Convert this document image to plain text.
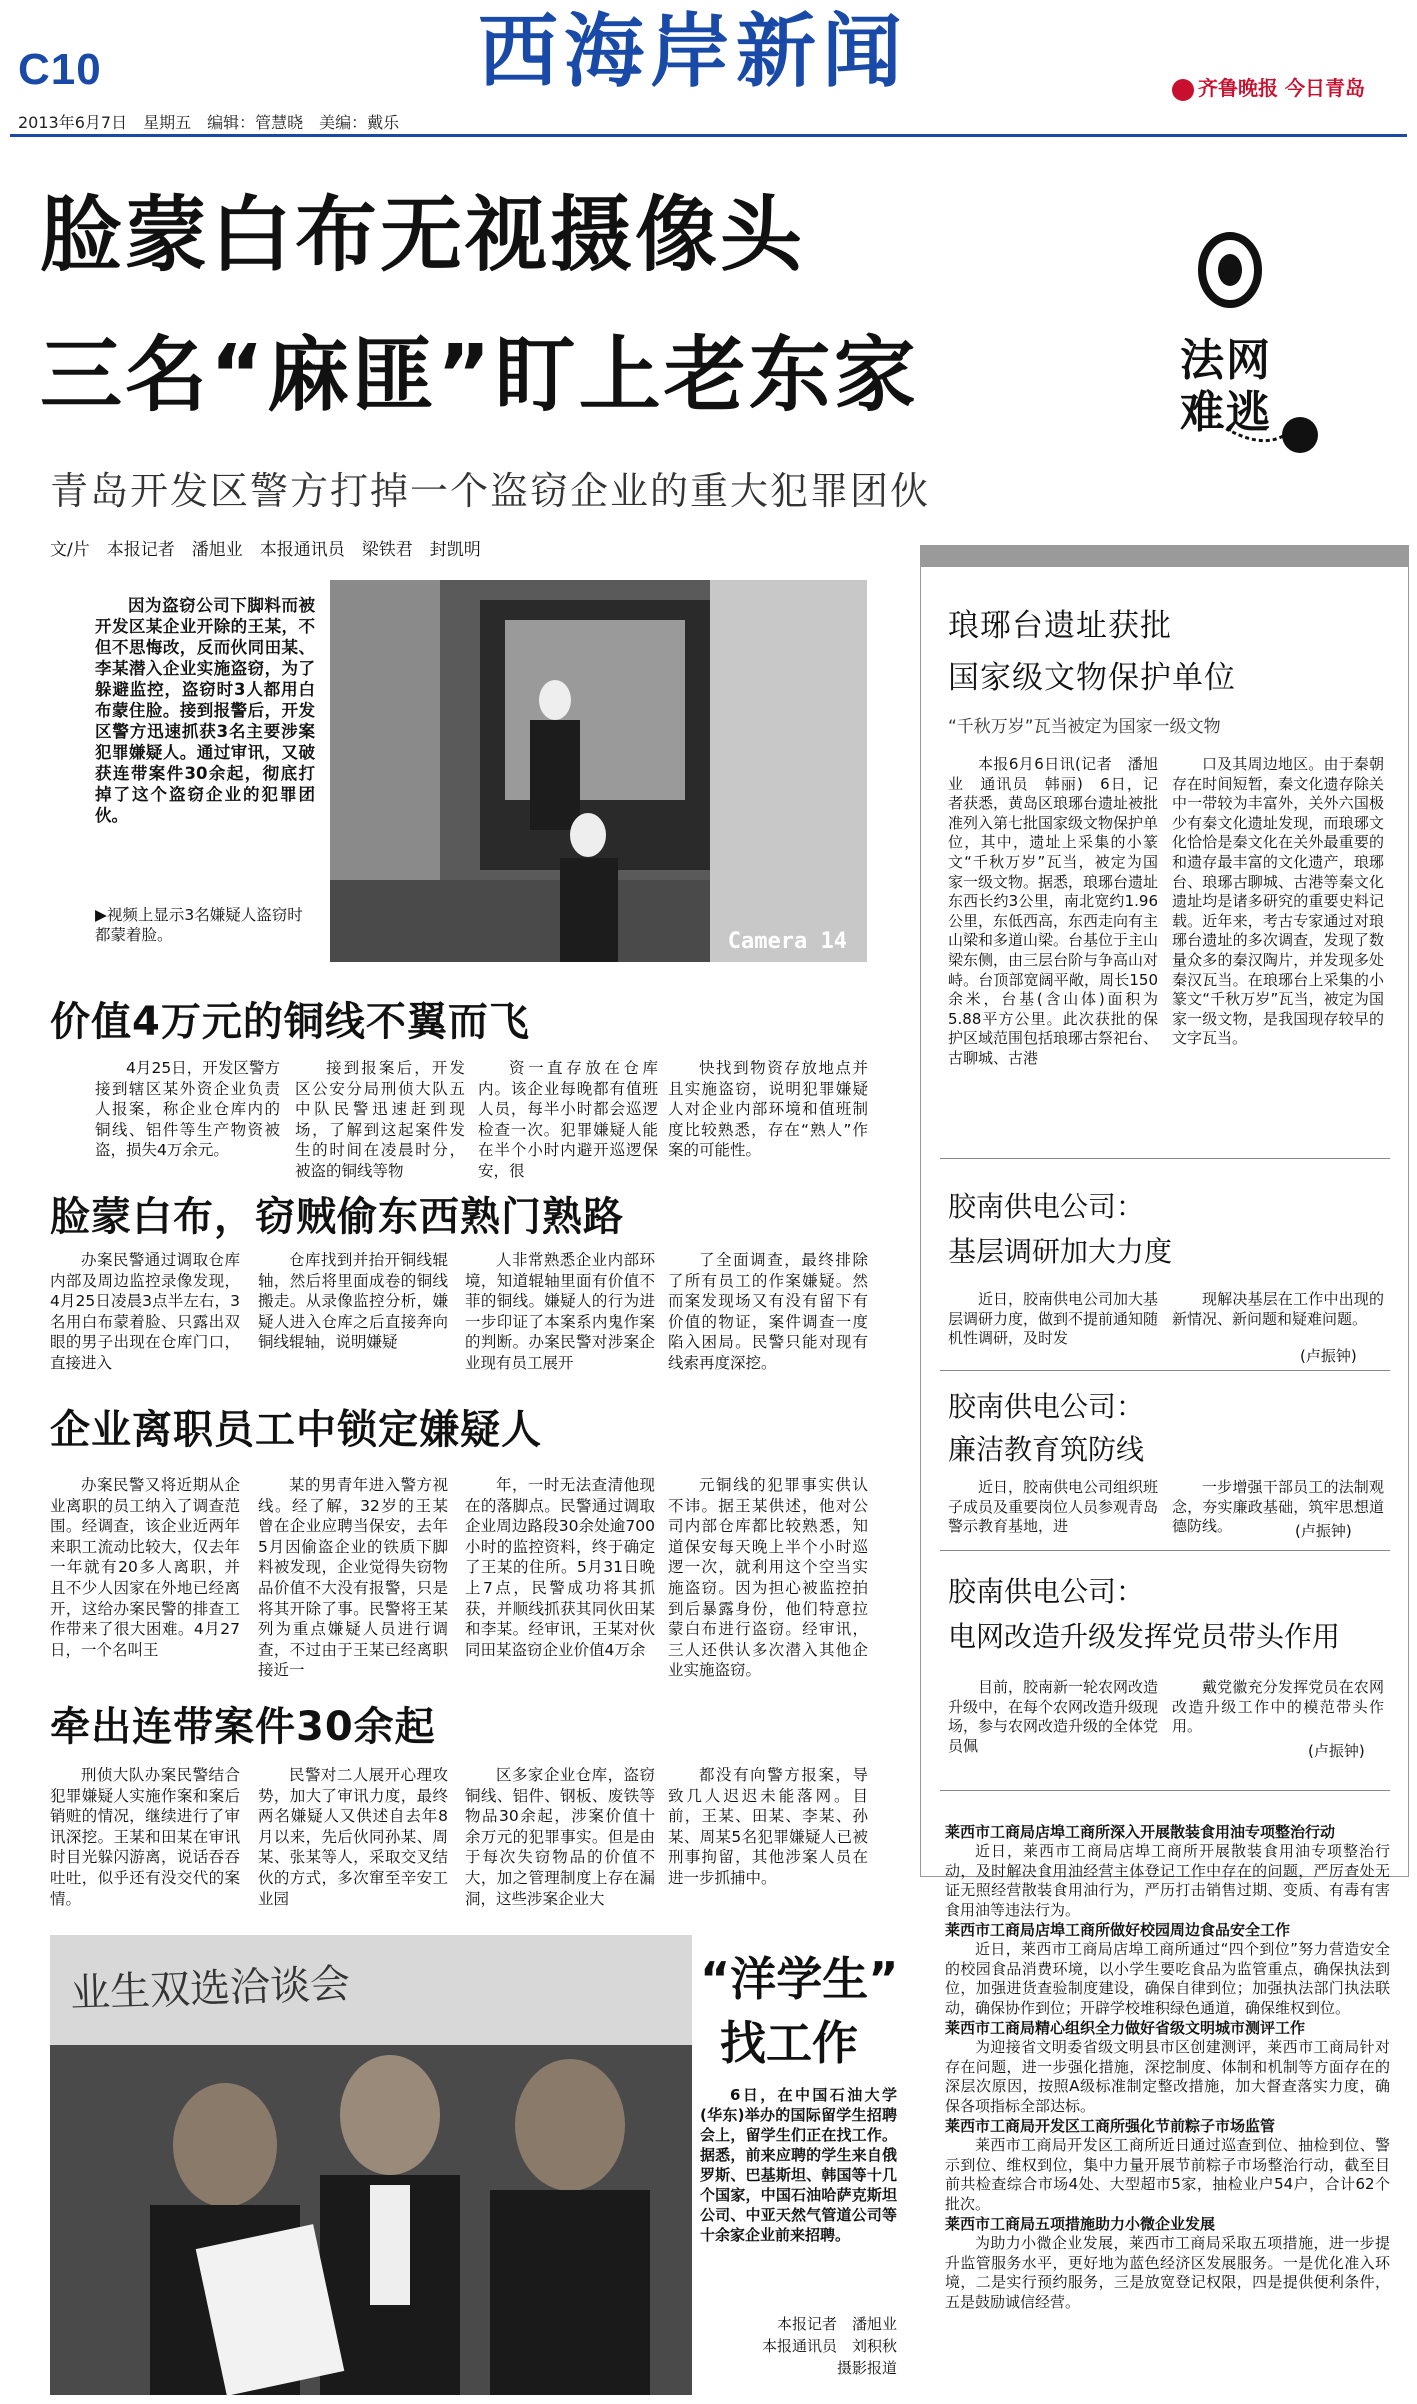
C10	西海岸新闻
2013年6月7日　星期五　编辑：管慧晓　美编：戴乐
齐鲁晚报 今日青岛
脸蒙白布无视摄像头
三名“麻匪”盯上老东家
青岛开发区警方打掉一个盗窃企业的重大犯罪团伙
文/片　本报记者　潘旭业　本报通讯员　梁铁君　封凯明
法网难逃
因为盗窃公司下脚料而被开发区某企业开除的王某，不但不思悔改，反而伙同田某、李某潜入企业实施盗窃，为了躲避监控，盗窃时3人都用白布蒙住脸。接到报警后，开发区警方迅速抓获3名主要涉案犯罪嫌疑人。通过审讯，又破获连带案件30余起，彻底打掉了这个盗窃企业的犯罪团伙。
Camera 14
▶视频上显示3名嫌疑人盗窃时都蒙着脸。
价值4万元的铜线不翼而飞
4月25日，开发区警方接到辖区某外资企业负责人报案，称企业仓库内的铜线、铝件等生产物资被盗，损失4万余元。
接到报案后，开发区公安分局刑侦大队五中队民警迅速赶到现场，了解到这起案件发生的时间在凌晨时分，被盗的铜线等物
资一直存放在仓库内。该企业每晚都有值班人员，每半小时都会巡逻检查一次。犯罪嫌疑人能在半个小时内避开巡逻保安，很
快找到物资存放地点并且实施盗窃，说明犯罪嫌疑人对企业内部环境和值班制度比较熟悉，存在“熟人”作案的可能性。
脸蒙白布，窃贼偷东西熟门熟路
办案民警通过调取仓库内部及周边监控录像发现，4月25日凌晨3点半左右，3名用白布蒙着脸、只露出双眼的男子出现在仓库门口，直接进入
仓库找到并抬开铜线辊轴，然后将里面成卷的铜线搬走。从录像监控分析，嫌疑人进入仓库之后直接奔向铜线辊轴，说明嫌疑
人非常熟悉企业内部环境，知道辊轴里面有价值不菲的铜线。嫌疑人的行为进一步印证了本案系内鬼作案的判断。办案民警对涉案企业现有员工展开
了全面调查，最终排除了所有员工的作案嫌疑。然而案发现场又有没有留下有价值的物证，案件调查一度陷入困局。民警只能对现有线索再度深挖。
企业离职员工中锁定嫌疑人
办案民警又将近期从企业离职的员工纳入了调查范围。经调查，该企业近两年来职工流动比较大，仅去年一年就有20多人离职，并且不少人因家在外地已经离开，这给办案民警的排查工作带来了很大困难。4月27日，一个名叫王
某的男青年进入警方视线。经了解，32岁的王某曾在企业应聘当保安，去年5月因偷盗企业的铁质下脚料被发现，企业觉得失窃物品价值不大没有报警，只是将其开除了事。民警将王某列为重点嫌疑人员进行调查，不过由于王某已经离职接近一
年，一时无法查清他现在的落脚点。民警通过调取企业周边路段30余处逾700小时的监控资料，终于确定了王某的住所。5月31日晚上7点，民警成功将其抓获，并顺线抓获其同伙田某和李某。经审讯，王某对伙同田某盗窃企业价值4万余
元铜线的犯罪事实供认不讳。据王某供述，他对公司内部仓库都比较熟悉，知道保安每天晚上半个小时巡逻一次，就利用这个空当实施盗窃。因为担心被监控拍到后暴露身份，他们特意拉蒙白布进行盗窃。经审讯，三人还供认多次潜入其他企业实施盗窃。
牵出连带案件30余起
刑侦大队办案民警结合犯罪嫌疑人实施作案和案后销赃的情况，继续进行了审讯深挖。王某和田某在审讯时目光躲闪游离，说话吞吞吐吐，似乎还有没交代的案情。
民警对二人展开心理攻势，加大了审讯力度，最终两名嫌疑人又供述自去年8月以来，先后伙同孙某、周某、张某等人，采取交叉结伙的方式，多次窜至辛安工业园
区多家企业仓库，盗窃铜线、铝件、钢板、废铁等物品30余起，涉案价值十余万元的犯罪事实。但是由于每次失窃物品的价值不大，加之管理制度上存在漏洞，这些涉案企业大
都没有向警方报案，导致几人迟迟未能落网。目前，王某、田某、李某、孙某、周某5名犯罪嫌疑人已被刑事拘留，其他涉案人员在进一步抓捕中。
琅琊台遗址获批
国家级文物保护单位
“千秋万岁”瓦当被定为国家一级文物
本报6月6日讯(记者　潘旭业　通讯员　韩丽)　6日，记者获悉，黄岛区琅琊台遗址被批准列入第七批国家级文物保护单位，其中，遗址上采集的小篆文“千秋万岁”瓦当，被定为国家一级文物。据悉，琅琊台遗址东西长约3公里，南北宽约1.96公里，东低西高，东西走向有主山梁和多道山梁。台基位于主山梁东侧，由三层台阶与争高山对峙。台顶部宽阔平敞，周长150余米，台基(含山体)面积为5.88平方公里。此次获批的保护区域范围包括琅琊古祭祀台、古聊城、古港
口及其周边地区。由于秦朝存在时间短暂，秦文化遗存除关中一带较为丰富外，关外六国极少有秦文化遗址发现，而琅琊文化恰恰是秦文化在关外最重要的和遗存最丰富的文化遗产，琅琊台、琅琊古聊城、古港等秦文化遗址均是诸多研究的重要史料记载。近年来，考古专家通过对琅琊台遗址的多次调查，发现了数量众多的秦汉陶片，并发现多处秦汉瓦当。在琅琊台上采集的小篆文“千秋万岁”瓦当，被定为国家一级文物，是我国现存较早的文字瓦当。
胶南供电公司：
基层调研加大力度
近日，胶南供电公司加大基层调研力度，做到不提前通知随机性调研，及时发
现解决基层在工作中出现的新情况、新问题和疑难问题。
(卢振钟)
胶南供电公司：
廉洁教育筑防线
近日，胶南供电公司组织班子成员及重要岗位人员参观青岛警示教育基地，进
一步增强干部员工的法制观念，夯实廉政基础，筑牢思想道德防线。	(卢振钟)
胶南供电公司：
电网改造升级发挥党员带头作用
目前，胶南新一轮农网改造升级中，在每个农网改造升级现场，参与农网改造升级的全体党员佩
戴党徽充分发挥党员在农网改造升级工作中的模范带头作用。
(卢振钟)
莱西市工商局店埠工商所深入开展散装食用油专项整治行动
近日，莱西市工商局店埠工商所开展散装食用油专项整治行动，及时解决食用油经营主体登记工作中存在的问题，严厉查处无证无照经营散装食用油行为，严历打击销售过期、变质、有毒有害食用油等违法行为。
莱西市工商局店埠工商所做好校园周边食品安全工作
近日，莱西市工商局店埠工商所通过“四个到位”努力营造安全的校园食品消费环境，以小学生要吃食品为监管重点，确保执法到位，加强进货查验制度建设，确保自律到位；加强执法部门执法联动，确保协作到位；开辟学校堆积绿色通道，确保维权到位。
莱西市工商局精心组织全力做好省级文明城市测评工作
为迎接省文明委省级文明县市区创建测评，莱西市工商局针对存在问题，进一步强化措施，深挖制度、体制和机制等方面存在的深层次原因，按照A级标准制定整改措施，加大督查落实力度，确保各项指标全部达标。
莱西市工商局开发区工商所强化节前粽子市场监管
莱西市工商局开发区工商所近日通过巡查到位、抽检到位、警示到位、维权到位，集中力量开展节前粽子市场整治行动，截至目前共检查综合市场4处、大型超市5家，抽检业户54户，合计62个批次。
莱西市工商局五项措施助力小微企业发展
为助力小微企业发展，莱西市工商局采取五项措施，进一步提升监管服务水平，更好地为蓝色经济区发展服务。一是优化准入环境，二是实行预约服务，三是放宽登记权限，四是提供便利条件，五是鼓励诚信经营。
业生双选洽谈会	“洋学生”
找工作
6日，在中国石油大学(华东)举办的国际留学生招聘会上，留学生们正在找工作。据悉，前来应聘的学生来自俄罗斯、巴基斯坦、韩国等十几个国家，中国石油哈萨克斯坦公司、中亚天然气管道公司等十余家企业前来招聘。
本报记者　潘旭业
本报通讯员　刘积秋
摄影报道
